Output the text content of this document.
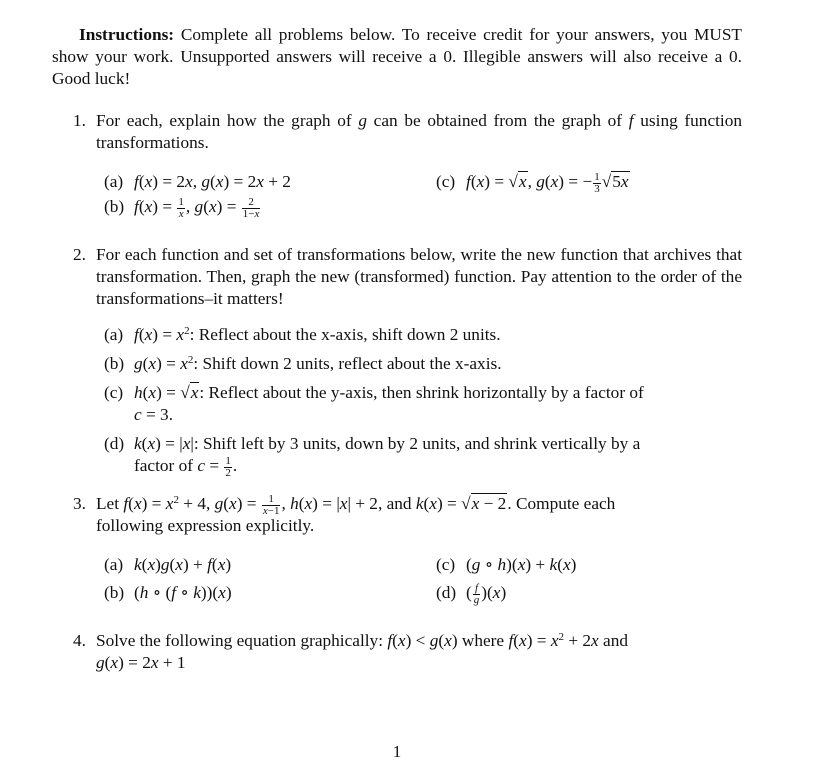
Instructions: Complete all problems below. To receive credit for your answers, you MUST show your work. Unsupported answers will receive a 0. Illegible answers will also receive a 0. Good luck!
1. For each, explain how the graph of g can be obtained from the graph of f using function transformations.
(a) f(x) = 2x, g(x) = 2x + 2
(b) $f(x) = \frac{1}{x}$ , $g(x) = \frac{2}{1-x}$
(c) f(x) = √x, g(x) = − $\frac{1}{3} √5x$
2. For each function and set of transformations below, write the new function that archives that transformation. Then, graph the new (transformed) function. Pay attention to the order of the transformations–it matters!
(a) $f(x) = x^2$: Reflect about the x-axis, shift down 2 units.
(b) $g(x) = x^2$: Shift down 2 units, reflect about the x-axis.
(c) h(x) = √x: Reflect about the y-axis, then shrink horizontally by a factor of
c = 3.
(d) k(x) = |x|: Shift left by 3 units, down by 2 units, and shrink vertically by a
factor of $c = \frac{1}{2}$ .
3. Let $f(x) = x^2 + 4$, $g(x) = \frac{1}{x-1}$ , h(x) = |x| + 2, and k(x) = √x − 2. Compute each
following expression explicitly.
(a) k(x)g(x) + f(x)
(b) (h ∘ (f ∘ k))(x)
(c) (g ∘ h)(x) + k(x)
(d) ( $\frac{f}{g} )(x)$
4. Solve the following equation graphically: f(x) < g(x) where $f(x) = x^2 + 2x$ and
g(x) = 2x + 1
1
